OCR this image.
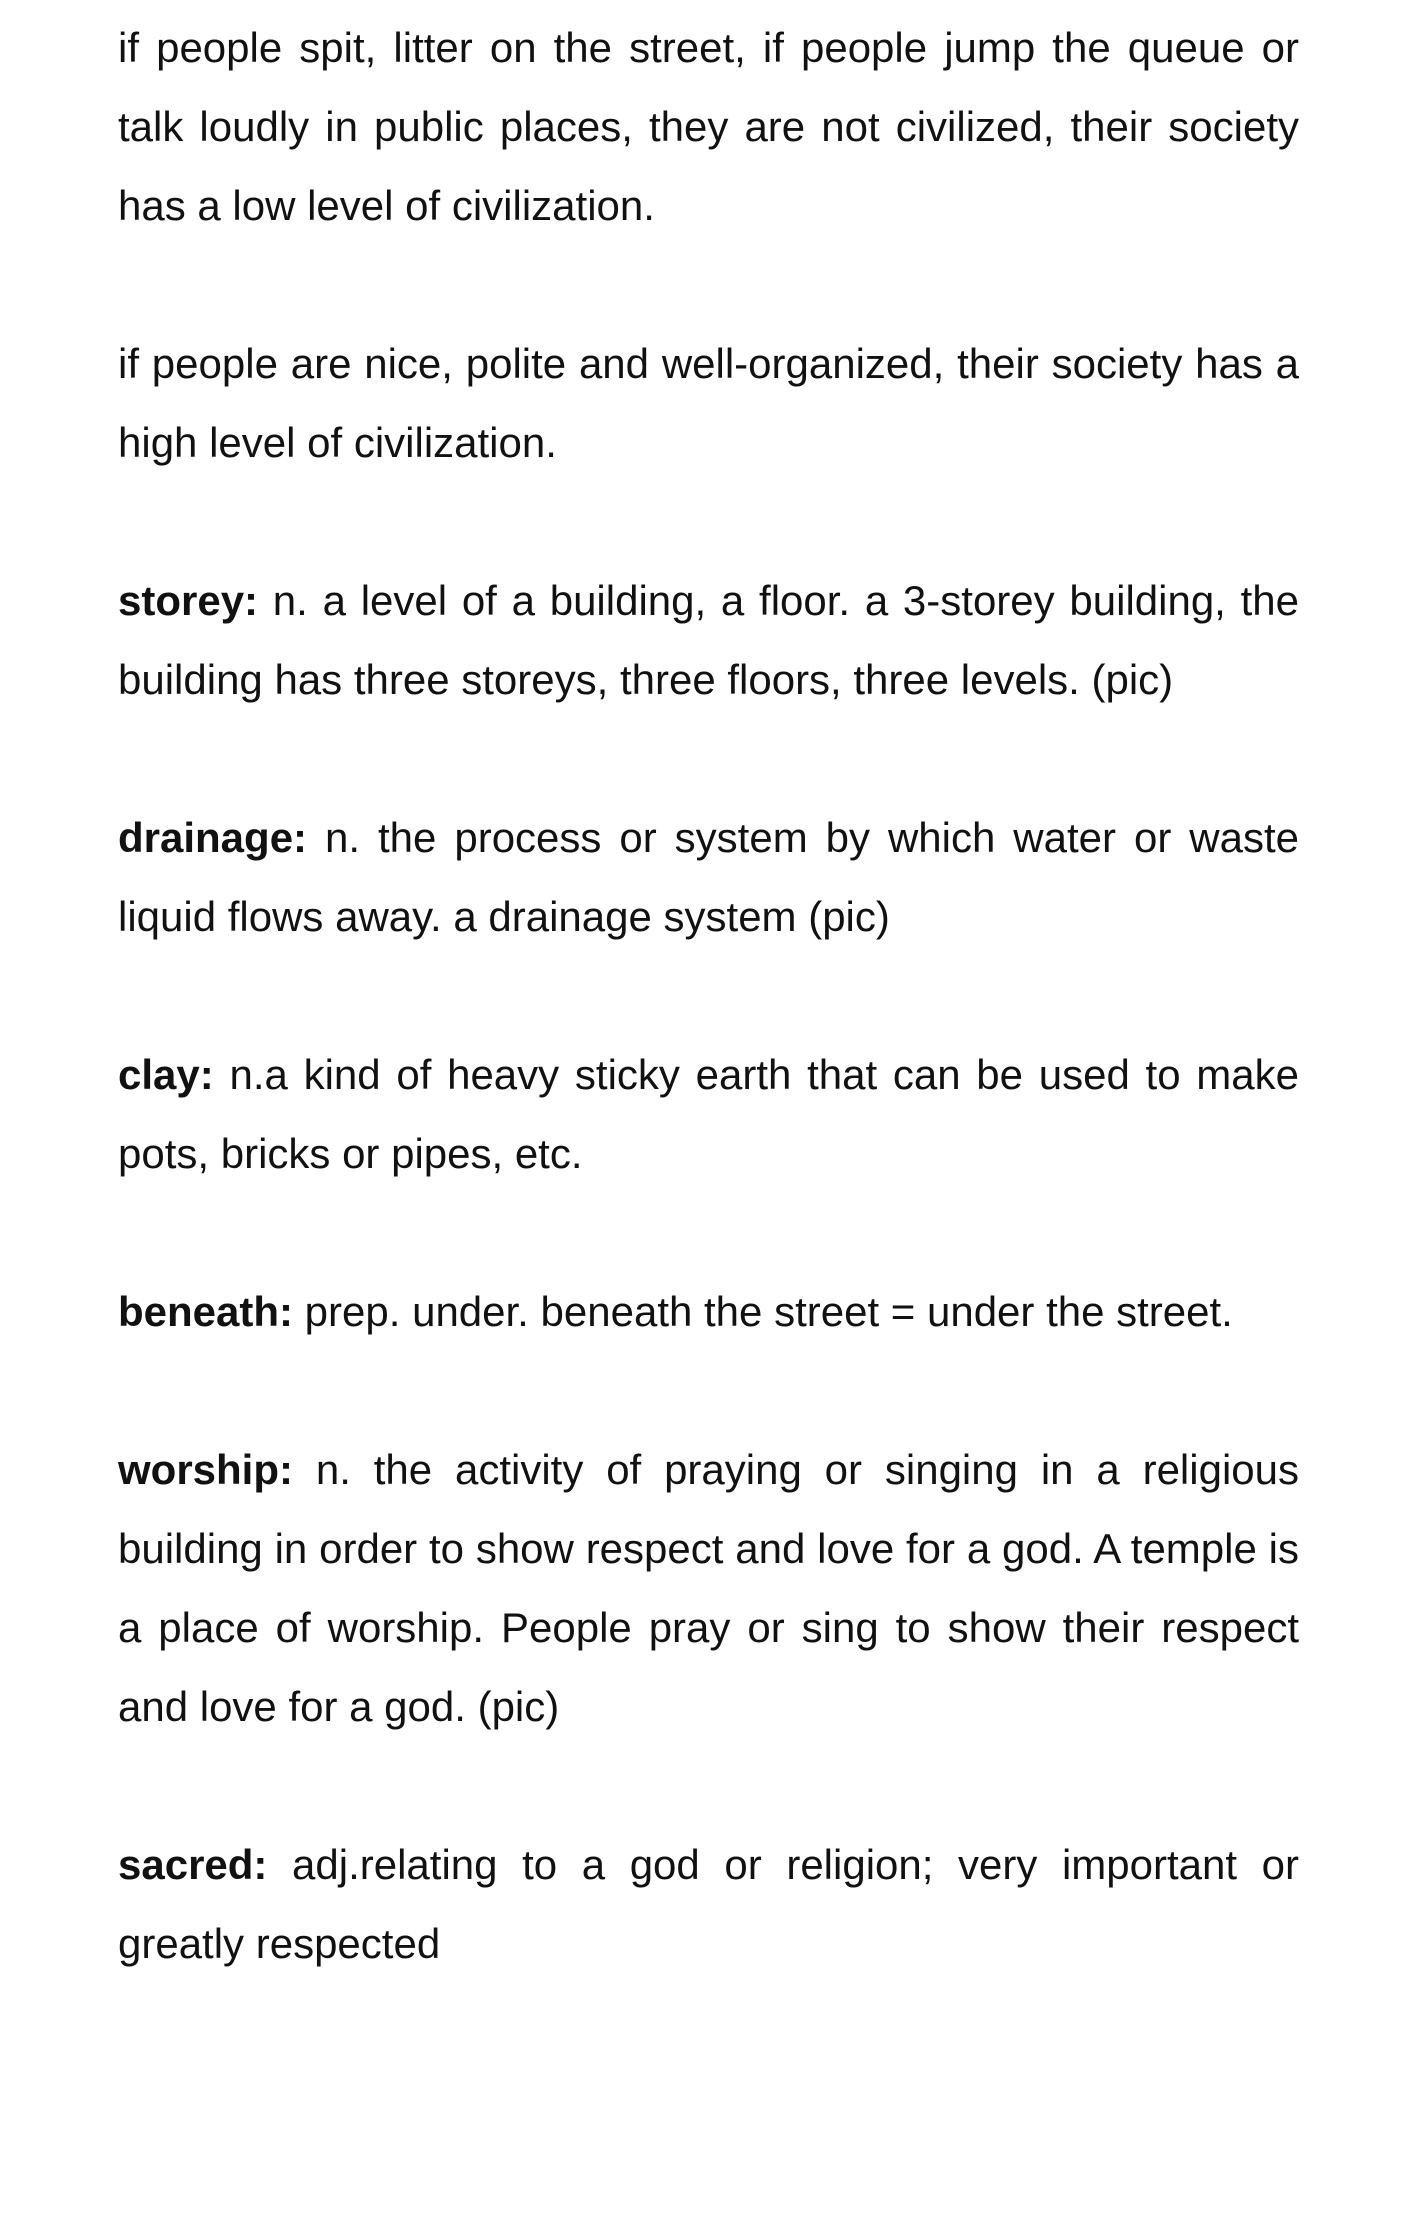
if people spit, litter on the street, if people jump the queue or talk loudly in public places, they are not civilized, their society has a low level of civilization.

if people are nice, polite and well-organized, their society has a high level of civilization.

storey: n. a level of a building, a floor. a 3-storey building, the building has three storeys, three floors, three levels. (pic)

drainage: n. the process or system by which water or waste liquid flows away. a drainage system (pic)

clay: n.a kind of heavy sticky earth that can be used to make pots, bricks or pipes, etc.

beneath: prep. under. beneath the street = under the street.

worship: n. the activity of praying or singing in a religious building in order to show respect and love for a god. A temple is a place of worship. People pray or sing to show their respect and love for a god. (pic)

sacred: adj.relating to a god or religion; very important or greatly respected
